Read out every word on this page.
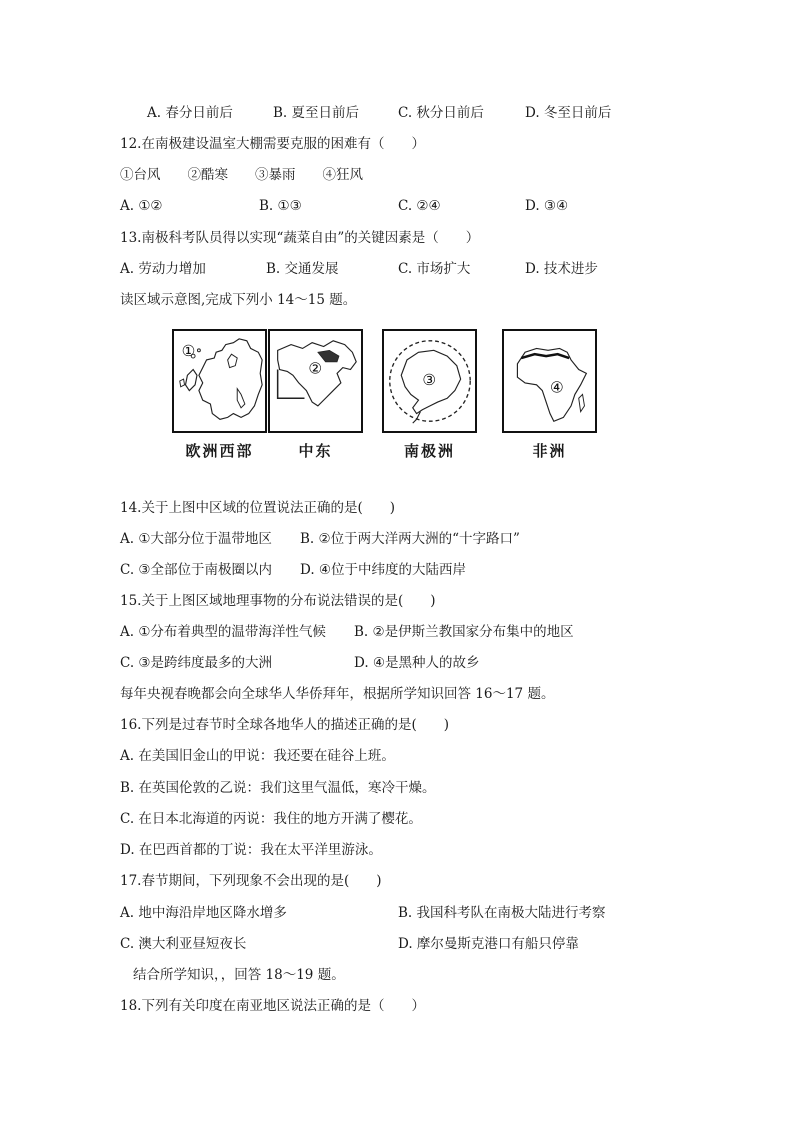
A. 春分日前后	B. 夏至日前后	C. 秋分日前后	D. 冬至日前后
12.在南极建设温室大棚需要克服的困难有（　　）
①台风　　②酷寒　　③暴雨　　④狂风
A. ①②	B. ①③	C. ②④	D. ③④
13.南极科考队员得以实现“蔬菜自由”的关键因素是（　　）
A. 劳动力增加	B. 交通发展	C. 市场扩大	D. 技术进步
读区域示意图,完成下列小 14～15 题。
①
欧洲西部
②
中东
③
南极洲
④
非洲
14.关于上图中区域的位置说法正确的是(　　)
A. ①大部分位于温带地区 B. ②位于两大洋两大洲的“十字路口”
C. ③全部位于南极圈以内 D. ④位于中纬度的大陆西岸
15.关于上图区域地理事物的分布说法错误的是(　　)
A. ①分布着典型的温带海洋性气候 B. ②是伊斯兰教国家分布集中的地区
C. ③是跨纬度最多的大洲	D. ④是黑种人的故乡
每年央视春晚都会向全球华人华侨拜年，根据所学知识回答 16～17 题。
16.下列是过春节时全球各地华人的描述正确的是(　　)
A. 在美国旧金山的甲说：我还要在硅谷上班。
B. 在英国伦敦的乙说：我们这里气温低，寒冷干燥。
C. 在日本北海道的丙说：我住的地方开满了樱花。
D. 在巴西首都的丁说：我在太平洋里游泳。
17.春节期间，下列现象不会出现的是(　　)
A. 地中海沿岸地区降水增多	B. 我国科考队在南极大陆进行考察
C. 澳大利亚昼短夜长	D. 摩尔曼斯克港口有船只停靠
结合所学知识，，回答 18～19 题。
18.下列有关印度在南亚地区说法正确的是（　　）
